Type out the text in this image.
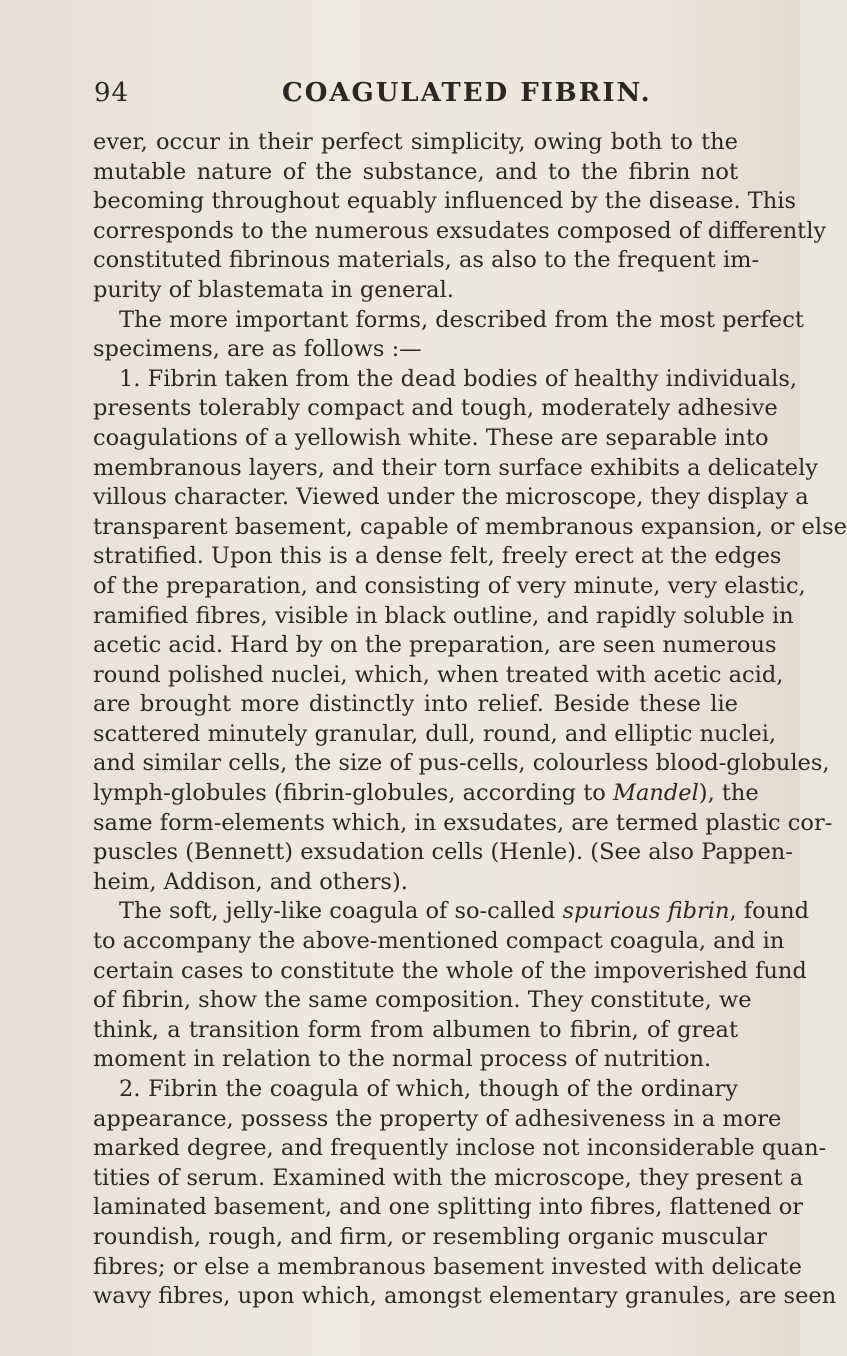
94	COAGULATED FIBRIN.
ever, occur in their perfect simplicity, owing both to the
mutable nature of the substance, and to the fibrin not
becoming throughout equably influenced by the disease. This
corresponds to the numerous exsudates composed of differently
constituted fibrinous materials, as also to the frequent im-
purity of blastemata in general.
The more important forms, described from the most perfect
specimens, are as follows :—
1. Fibrin taken from the dead bodies of healthy individuals,
presents tolerably compact and tough, moderately adhesive
coagulations of a yellowish white. These are separable into
membranous layers, and their torn surface exhibits a delicately
villous character. Viewed under the microscope, they display a
transparent basement, capable of membranous expansion, or else
stratified. Upon this is a dense felt, freely erect at the edges
of the preparation, and consisting of very minute, very elastic,
ramified fibres, visible in black outline, and rapidly soluble in
acetic acid. Hard by on the preparation, are seen numerous
round polished nuclei, which, when treated with acetic acid,
are brought more distinctly into relief. Beside these lie
scattered minutely granular, dull, round, and elliptic nuclei,
and similar cells, the size of pus-cells, colourless blood-globules,
lymph-globules (fibrin-globules, according to Mandel), the
same form-elements which, in exsudates, are termed plastic cor-
puscles (Bennett) exsudation cells (Henle). (See also Pappen-
heim, Addison, and others).
The soft, jelly-like coagula of so-called spurious fibrin, found
to accompany the above-mentioned compact coagula, and in
certain cases to constitute the whole of the impoverished fund
of fibrin, show the same composition. They constitute, we
think, a transition form from albumen to fibrin, of great
moment in relation to the normal process of nutrition.
2. Fibrin the coagula of which, though of the ordinary
appearance, possess the property of adhesiveness in a more
marked degree, and frequently inclose not inconsiderable quan-
tities of serum. Examined with the microscope, they present a
laminated basement, and one splitting into fibres, flattened or
roundish, rough, and firm, or resembling organic muscular
fibres; or else a membranous basement invested with delicate
wavy fibres, upon which, amongst elementary granules, are seen
